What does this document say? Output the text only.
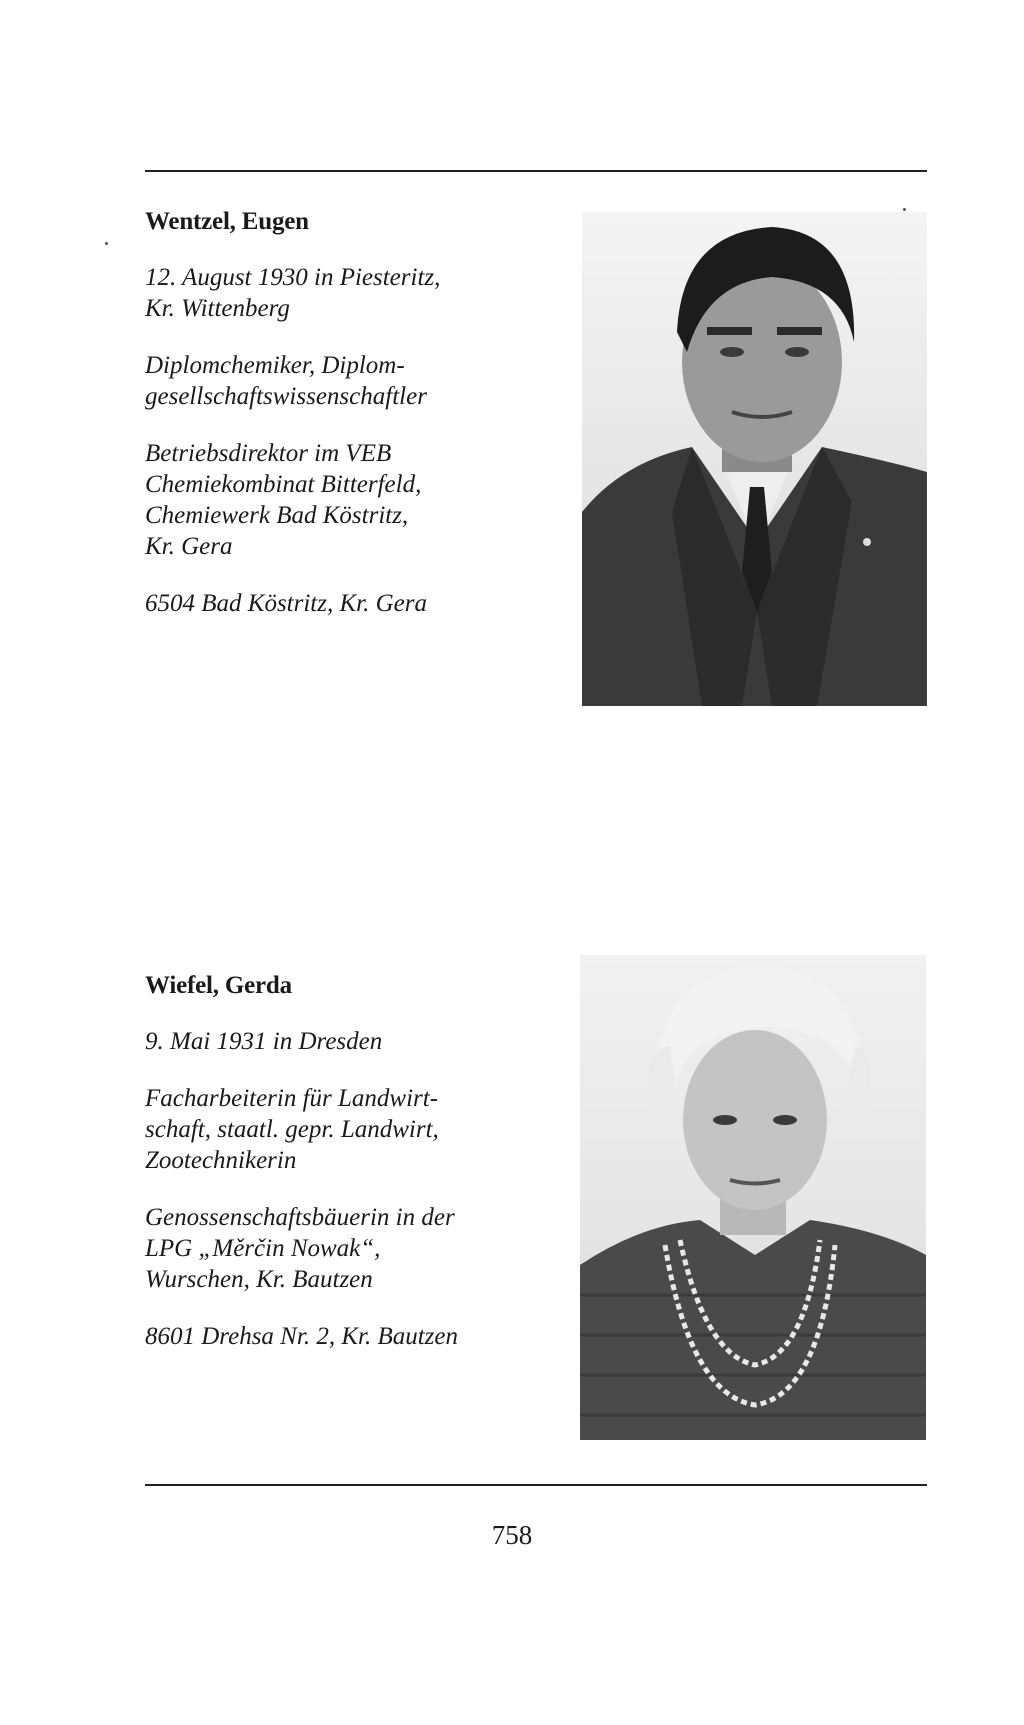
Wentzel, Eugen
12. August 1930 in Piesteritz,
Kr. Wittenberg
Diplomchemiker, Diplom-
gesellschaftswissenschaftler
Betriebsdirektor im VEB
Chemiekombinat Bitterfeld,
Chemiewerk Bad Köstritz,
Kr. Gera
6504 Bad Köstritz, Kr. Gera
Wiefel, Gerda
9. Mai 1931 in Dresden
Facharbeiterin für Landwirt-
schaft, staatl. gepr. Landwirt,
Zootechnikerin
Genossenschaftsbäuerin in der
LPG „Měrčin Nowak“,
Wurschen, Kr. Bautzen
8601 Drehsa Nr. 2, Kr. Bautzen
758
